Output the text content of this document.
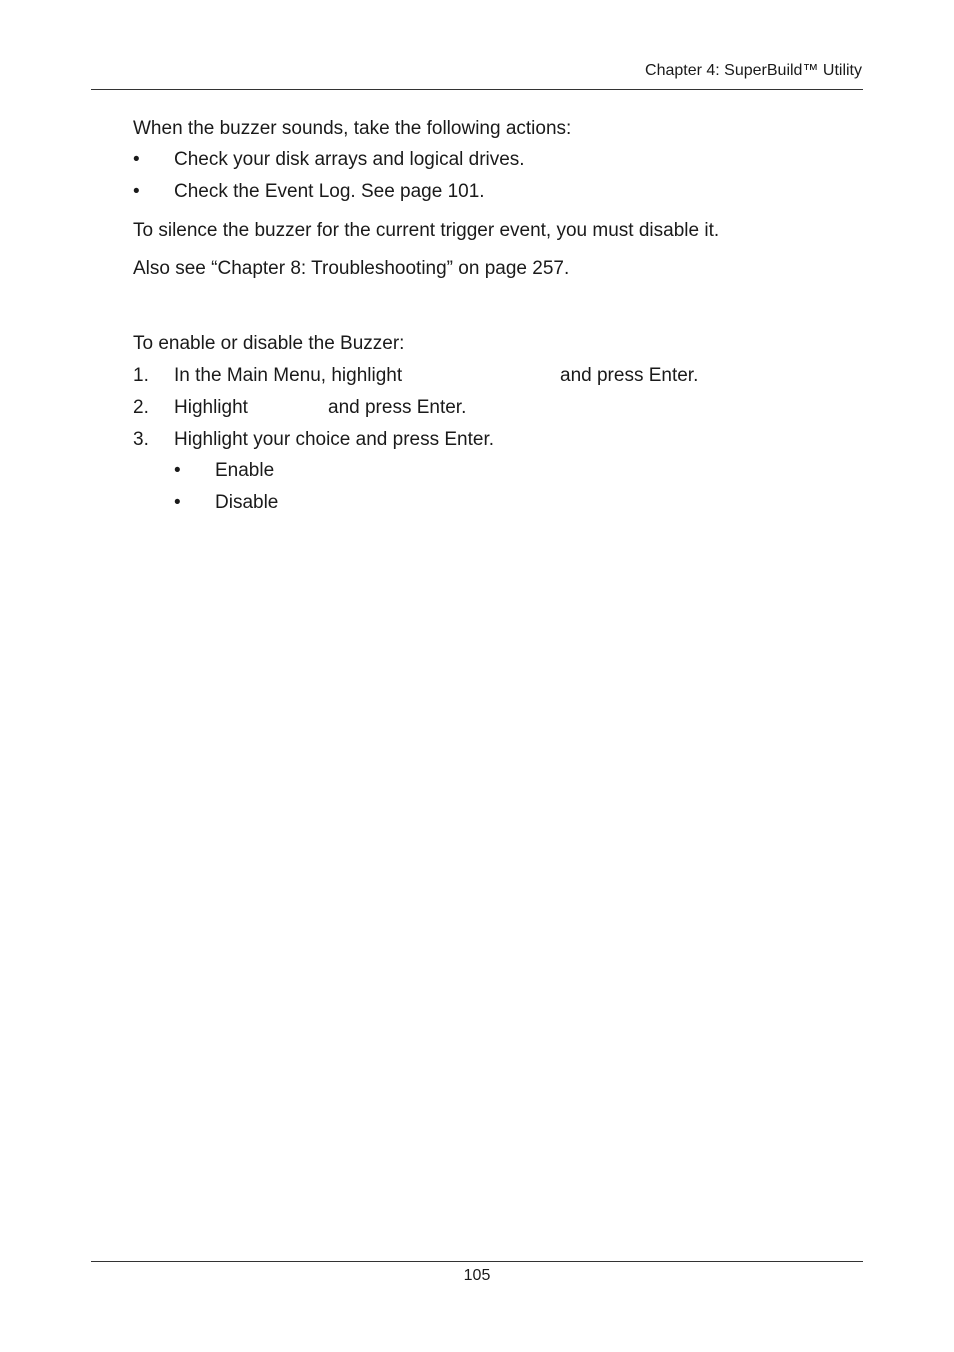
Chapter 4: SuperBuild™ Utility
When the buzzer sounds, take the following actions:
• Check your disk arrays and logical drives.
• Check the Event Log. See page 101.
To silence the buzzer for the current trigger event, you must disable it.
Also see “Chapter 8: Troubleshooting” on page 257.
To enable or disable the Buzzer:
1. In the Main Menu, highlight	and press Enter.
2. Highlight	and press Enter.
3. Highlight your choice and press Enter.
• Enable
• Disable
105
